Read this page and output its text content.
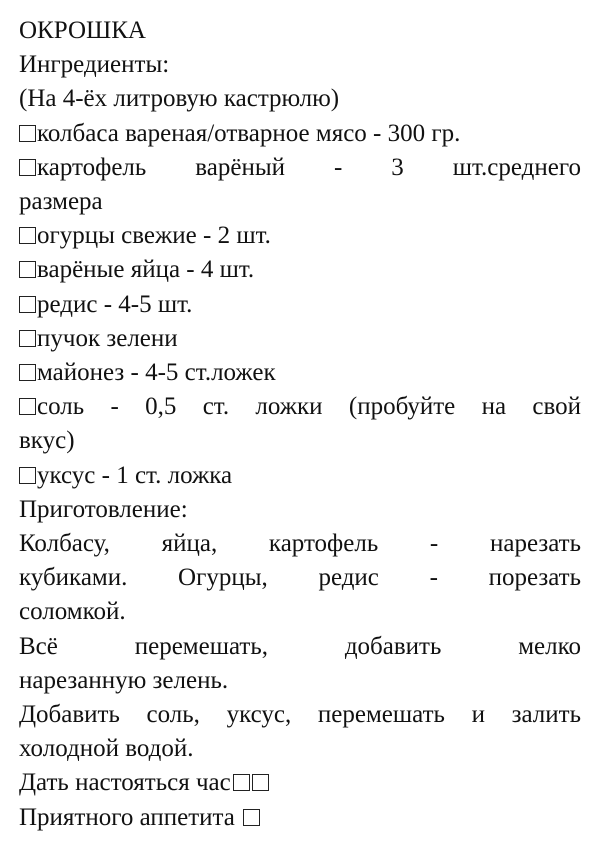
ОКРОШКА
Ингредиенты:
(На 4-ёх литровую кастрюлю)
колбаса вареная/отварное мясо - 300 гр.
картофель варёный - 3 шт.среднего
размера
огурцы свежие - 2 шт.
варёные яйца - 4 шт.
редис - 4-5 шт.
пучок зелени
майонез - 4-5 ст.ложек
соль - 0,5 ст. ложки (пробуйте на свой
вкус)
уксус - 1 ст. ложка
Приготовление:
Колбасу, яйца, картофель - нарезать
кубиками. Огурцы, редис - порезать
соломкой.
Всё перемешать, добавить мелко
нарезанную зелень.
Добавить соль, уксус, перемешать и залить
холодной водой.
Дать настояться час
Приятного аппетита
